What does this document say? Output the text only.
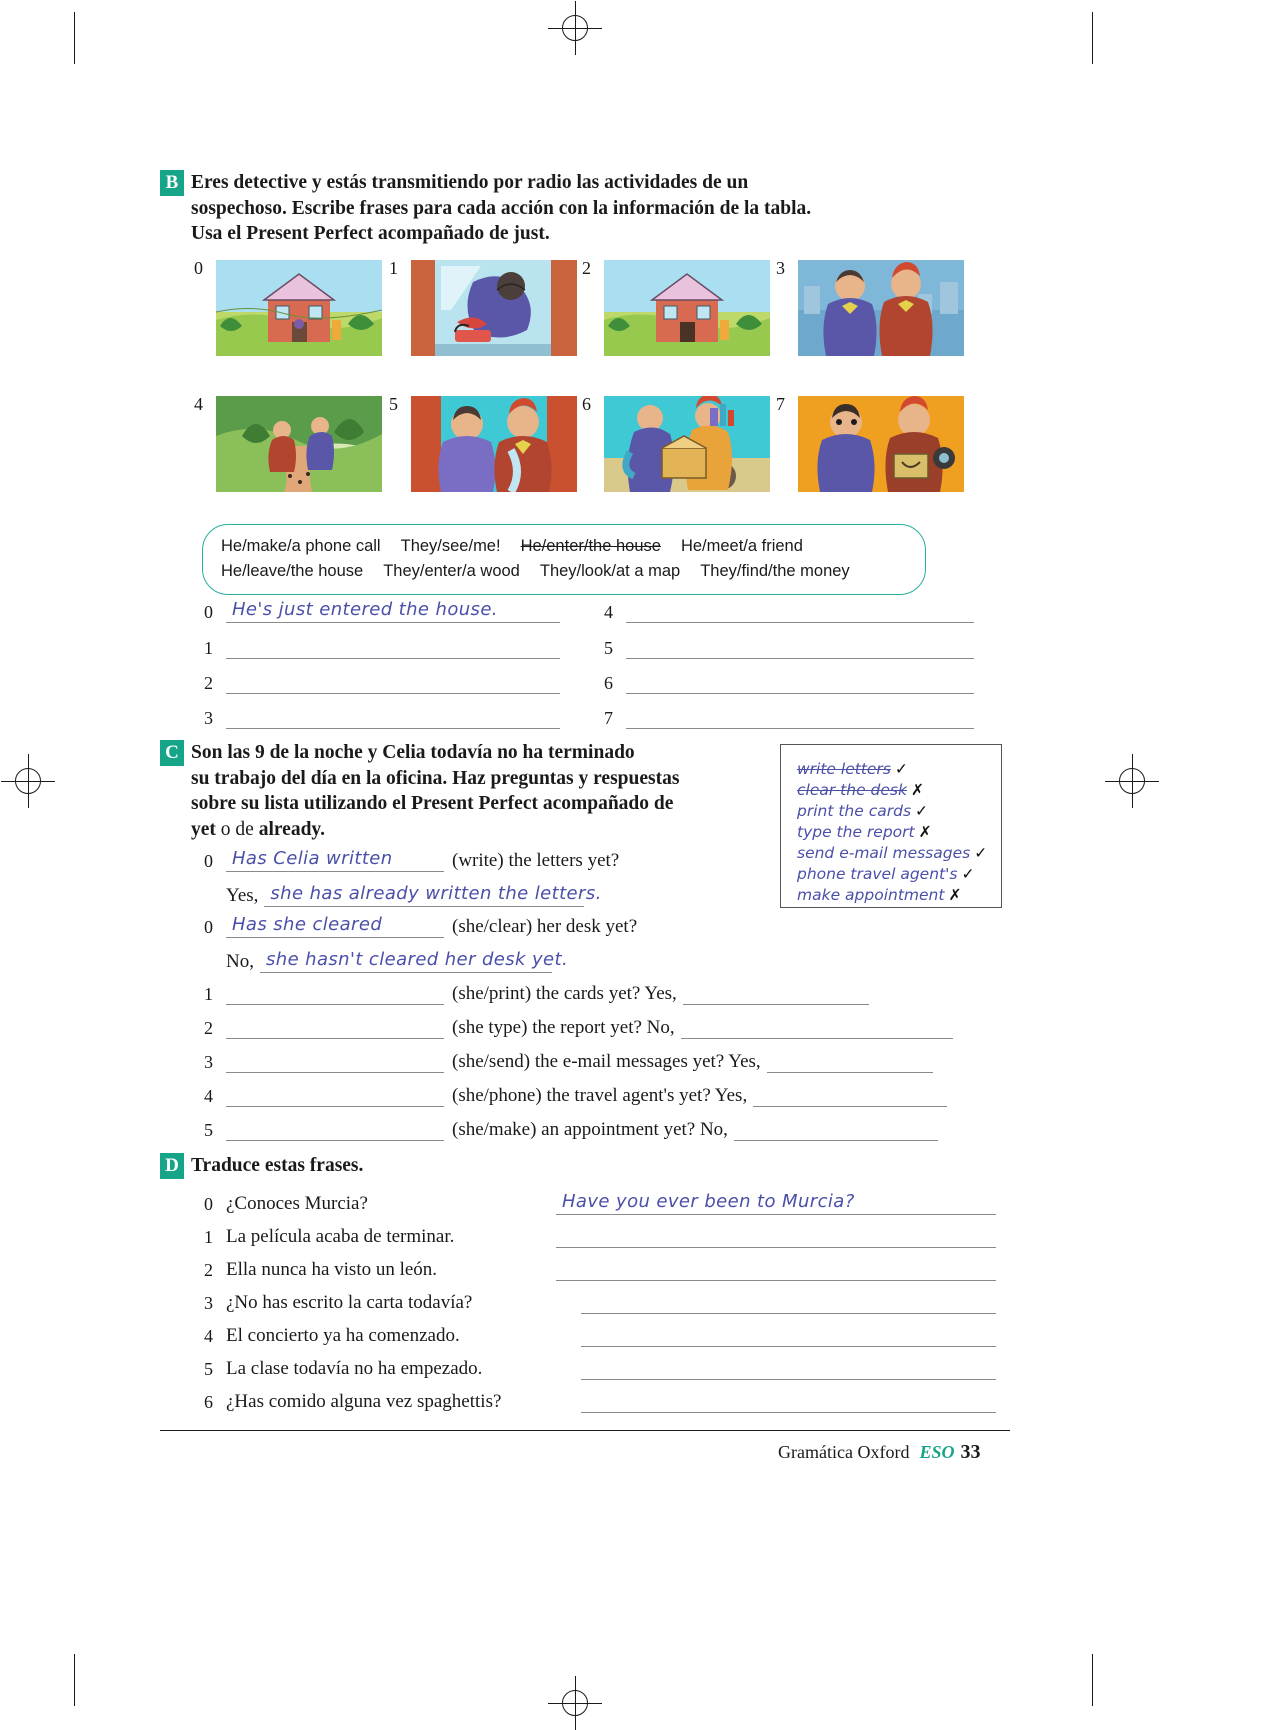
B Eres detective y estás transmitiendo por radio las actividades de un
sospechoso. Escribe frases para cada acción con la información de la tabla.
Usa el Present Perfect acompañado de just.
0	1	2	3
4	5	6	7
He/make/a phone call They/see/me! He/enter/the house He/meet/a friend
He/leave/the house They/enter/a wood They/look/at a map They/find/the money
0	He's just entered the house.
1
2
3
4
5
6
7
C Son las 9 de la noche y Celia todavía no ha terminado
su trabajo del día en la oficina. Haz preguntas y respuestas
sobre su lista utilizando el Present Perfect acompañado de
yet o de already.
write letters ✓
clear the desk ✗
print the cards ✓
type the report ✗
send e-mail messages ✓
phone travel agent's ✓
make appointment ✗
0	Has Celia written	(write) the letters yet?
Yes, she has already written the letters.
0	Has she cleared	(she/clear) her desk yet?
No, she hasn't cleared her desk yet.
1	(she/print) the cards yet? Yes,
2	(she type) the report yet? No,
3	(she/send) the e-mail messages yet? Yes,
4	(she/phone) the travel agent's yet? Yes,
5	(she/make) an appointment yet? No,
D Traduce estas frases.
0 ¿Conoces Murcia?	Have you ever been to Murcia?
1 La película acaba de terminar.
2 Ella nunca ha visto un león.
3 ¿No has escrito la carta todavía?
4 El concierto ya ha comenzado.
5 La clase todavía no ha empezado.
6 ¿Has comido alguna vez spaghettis?
Gramática Oxford ESO 33
